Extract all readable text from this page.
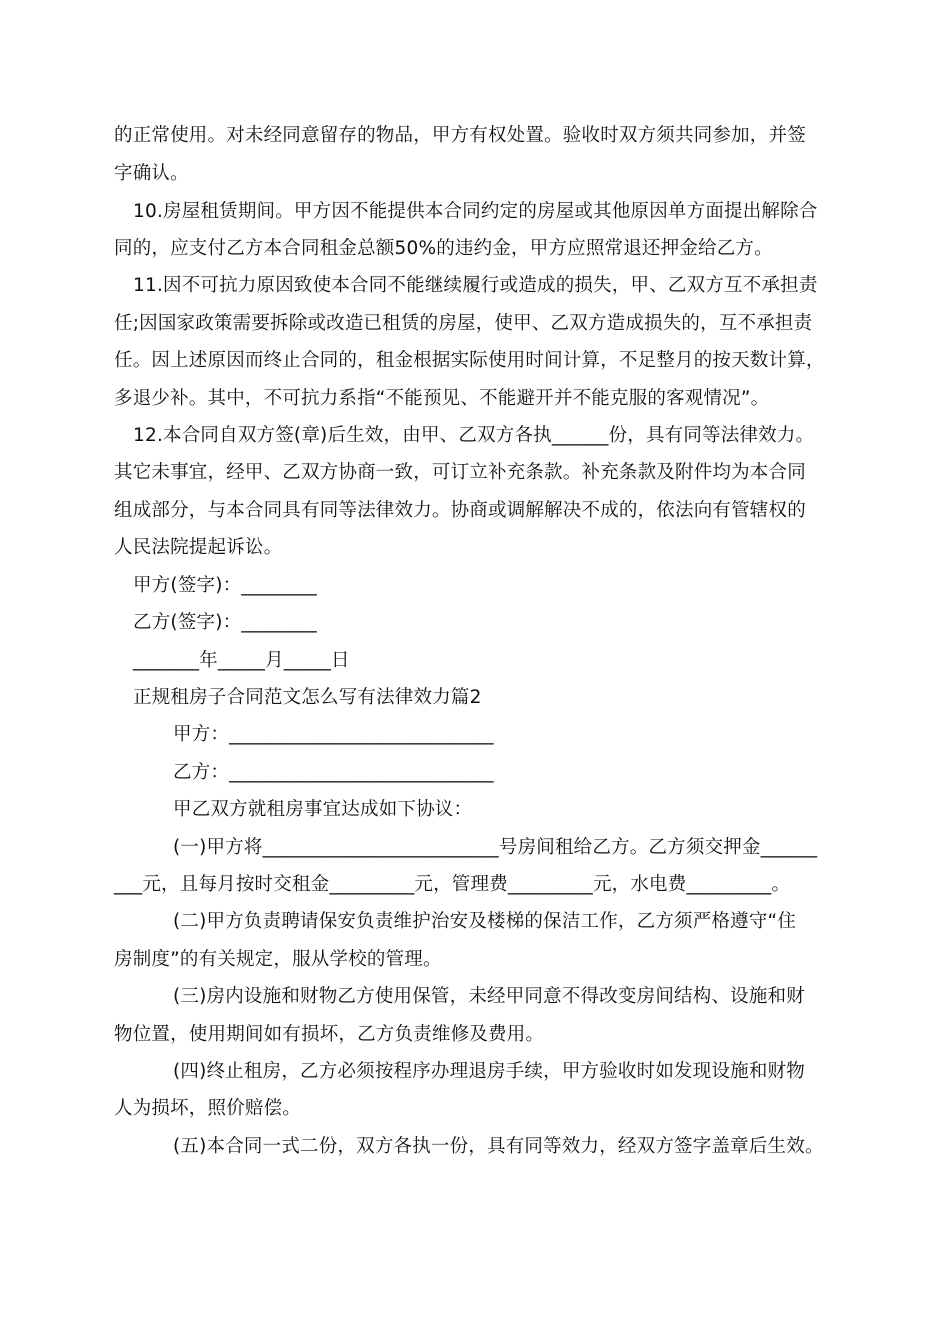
的正常使用。对未经同意留存的物品，甲方有权处置。验收时双方须共同参加，并签
字确认。
10.房屋租赁期间。甲方因不能提供本合同约定的房屋或其他原因单方面提出解除合
同的，应支付乙方本合同租金总额50%的违约金，甲方应照常退还押金给乙方。
11.因不可抗力原因致使本合同不能继续履行或造成的损失，甲、乙双方互不承担责
任;因国家政策需要拆除或改造已租赁的房屋，使甲、乙双方造成损失的，互不承担责
任。因上述原因而终止合同的，租金根据实际使用时间计算，不足整月的按天数计算，
多退少补。其中，不可抗力系指“不能预见、不能避开并不能克服的客观情况”。
12.本合同自双方签(章)后生效，由甲、乙双方各执______份，具有同等法律效力。
其它未事宜，经甲、乙双方协商一致，可订立补充条款。补充条款及附件均为本合同
组成部分，与本合同具有同等法律效力。协商或调解解决不成的，依法向有管辖权的
人民法院提起诉讼。
甲方(签字)：________
乙方(签字)：________
_______年_____月_____日
正规租房子合同范文怎么写有法律效力篇2
甲方：____________________________
乙方：____________________________
甲乙双方就租房事宜达成如下协议：
(一)甲方将_________________________号房间租给乙方。乙方须交押金______
___元，且每月按时交租金_________元，管理费_________元，水电费_________。
(二)甲方负责聘请保安负责维护治安及楼梯的保洁工作，乙方须严格遵守“住
房制度”的有关规定，服从学校的管理。
(三)房内设施和财物乙方使用保管，未经甲同意不得改变房间结构、设施和财
物位置，使用期间如有损坏，乙方负责维修及费用。
(四)终止租房，乙方必须按程序办理退房手续，甲方验收时如发现设施和财物
人为损坏，照价赔偿。
(五)本合同一式二份，双方各执一份，具有同等效力，经双方签字盖章后生效。
